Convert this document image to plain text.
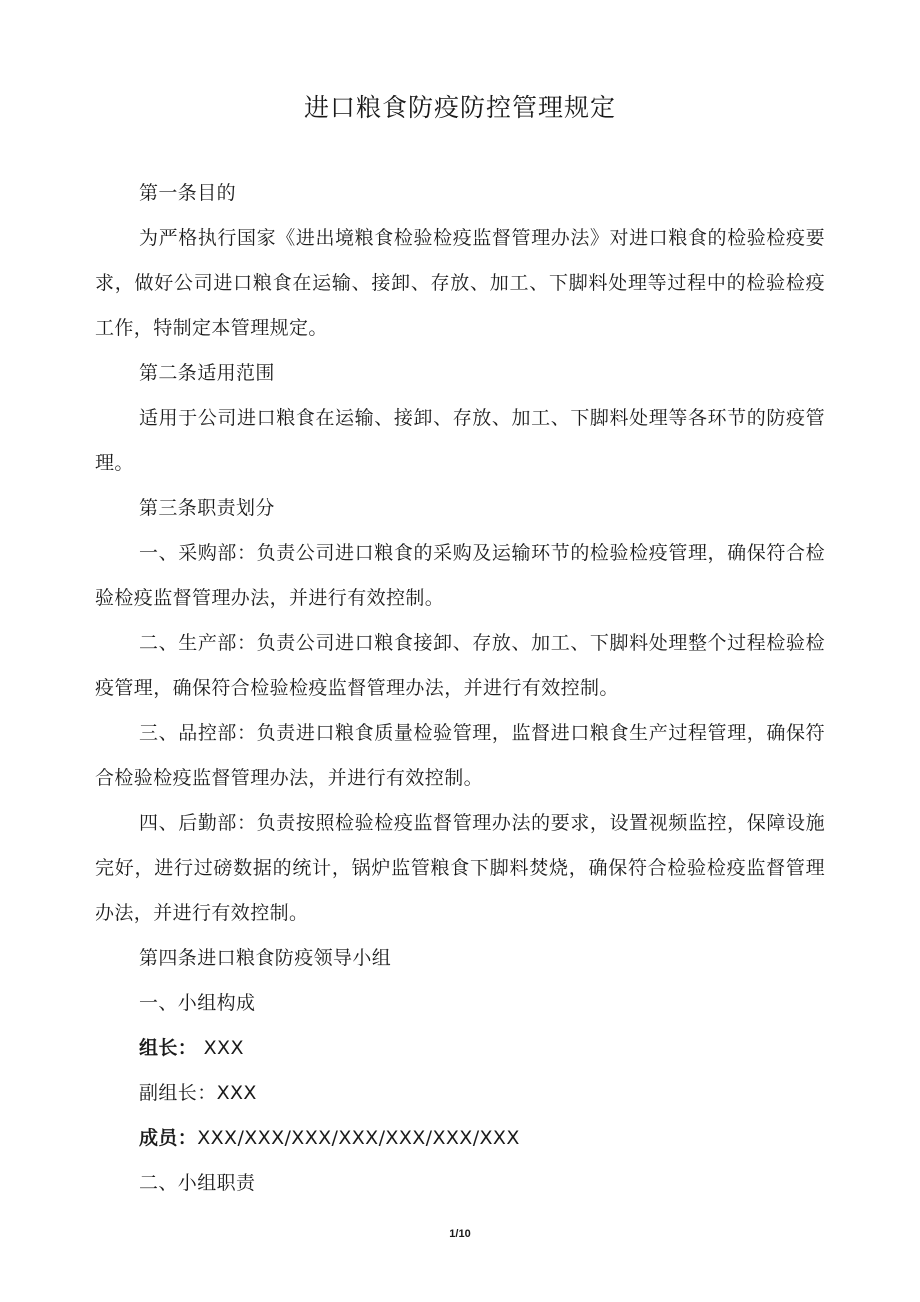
进口粮食防疫防控管理规定

第一条目的

为严格执行国家《进出境粮食检验检疫监督管理办法》对进口粮食的检验检疫要求，做好公司进口粮食在运输、接卸、存放、加工、下脚料处理等过程中的检验检疫工作，特制定本管理规定。

第二条适用范围

适用于公司进口粮食在运输、接卸、存放、加工、下脚料处理等各环节的防疫管理。

第三条职责划分

一、采购部：负责公司进口粮食的采购及运输环节的检验检疫管理，确保符合检验检疫监督管理办法，并进行有效控制。

二、生产部：负责公司进口粮食接卸、存放、加工、下脚料处理整个过程检验检疫管理，确保符合检验检疫监督管理办法，并进行有效控制。

三、品控部：负责进口粮食质量检验管理，监督进口粮食生产过程管理，确保符合检验检疫监督管理办法，并进行有效控制。

四、后勤部：负责按照检验检疫监督管理办法的要求，设置视频监控，保障设施完好，进行过磅数据的统计，锅炉监管粮食下脚料焚烧，确保符合检验检疫监督管理办法，并进行有效控制。

第四条进口粮食防疫领导小组

一、小组构成

组长： XXX

副组长：XXX

成员：XXX/XXX/XXX/XXX/XXX/XXX/XXX

二、小组职责

1/10
